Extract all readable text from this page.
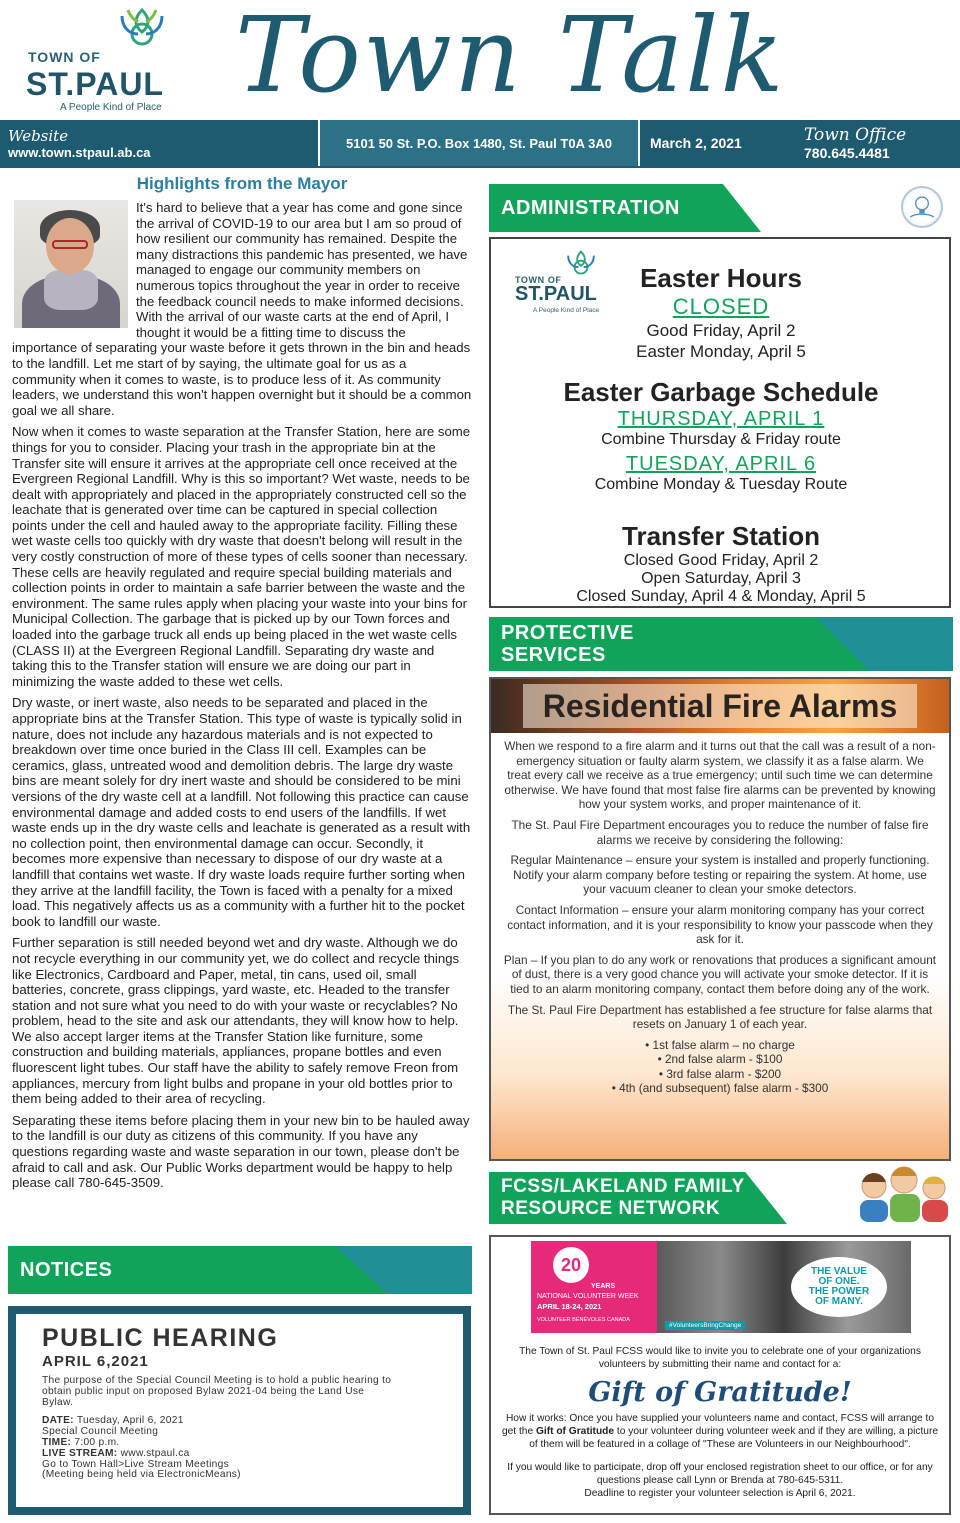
TOWN OF
ST.PAUL
A People Kind of Place Town Talk
Website
www.town.stpaul.ab.ca
5101 50 St. P.O. Box 1480, St. Paul T0A 3A0	March 2, 2021	Town Office
780.645.4481
Highlights from the Mayor

It's hard to believe that a year has come and gone since the arrival of COVID-19 to our area but I am so proud of how resilient our community has remained. Despite the many distractions this pandemic has presented, we have managed to engage our community members on numerous topics throughout the year in order to receive the feedback council needs to make informed decisions. With the arrival of our waste carts at the end of April, I thought it would be a fitting time to discuss the importance of separating your waste before it gets thrown in the bin and heads to the landfill. Let me start of by saying, the ultimate goal for us as a community when it comes to waste, is to produce less of it. As community leaders, we understand this won't happen overnight but it should be a common goal we all share.

Now when it comes to waste separation at the Transfer Station, here are some things for you to consider. Placing your trash in the appropriate bin at the Transfer site will ensure it arrives at the appropriate cell once received at the Evergreen Regional Landfill. Why is this so important? Wet waste, needs to be dealt with appropriately and placed in the appropriately constructed cell so the leachate that is generated over time can be captured in special collection points under the cell and hauled away to the appropriate facility. Filling these wet waste cells too quickly with dry waste that doesn't belong will result in the very costly construction of more of these types of cells sooner than necessary. These cells are heavily regulated and require special building materials and collection points in order to maintain a safe barrier between the waste and the environment. The same rules apply when placing your waste into your bins for Municipal Collection. The garbage that is picked up by our Town forces and loaded into the garbage truck all ends up being placed in the wet waste cells (CLASS II) at the Evergreen Regional Landfill. Separating dry waste and taking this to the Transfer station will ensure we are doing our part in minimizing the waste added to these wet cells.

Dry waste, or inert waste, also needs to be separated and placed in the appropriate bins at the Transfer Station. This type of waste is typically solid in nature, does not include any hazardous materials and is not expected to breakdown over time once buried in the Class III cell. Examples can be ceramics, glass, untreated wood and demolition debris. The large dry waste bins are meant solely for dry inert waste and should be considered to be mini versions of the dry waste cell at a landfill. Not following this practice can cause environmental damage and added costs to end users of the landfills. If wet waste ends up in the dry waste cells and leachate is generated as a result with no collection point, then environmental damage can occur. Secondly, it becomes more expensive than necessary to dispose of our dry waste at a landfill that contains wet waste. If dry waste loads require further sorting when they arrive at the landfill facility, the Town is faced with a penalty for a mixed load. This negatively affects us as a community with a further hit to the pocket book to landfill our waste.

Further separation is still needed beyond wet and dry waste. Although we do not recycle everything in our community yet, we do collect and recycle things like Electronics, Cardboard and Paper, metal, tin cans, used oil, small batteries, concrete, grass clippings, yard waste, etc. Headed to the transfer station and not sure what you need to do with your waste or recyclables? No problem, head to the site and ask our attendants, they will know how to help. We also accept larger items at the Transfer Station like furniture, some construction and building materials, appliances, propane bottles and even fluorescent light tubes. Our staff have the ability to safely remove Freon from appliances, mercury from light bulbs and propane in your old bottles prior to them being added to their area of recycling.

Separating these items before placing them in your new bin to be hauled away to the landfill is our duty as citizens of this community. If you have any questions regarding waste and waste separation in our town, please don't be afraid to call and ask. Our Public Works department would be happy to help please call 780-645-3509.

NOTICES
PUBLIC HEARING
APRIL 6,2021
The purpose of the Special Council Meeting is to hold a public hearing to
obtain public input on proposed Bylaw 2021-04 being the Land Use
Bylaw.
DATE: Tuesday, April 6, 2021
Special Council Meeting
TIME: 7:00 p.m.
LIVE STREAM: www.stpaul.ca
Go to Town Hall>Live Stream Meetings
(Meeting being held via ElectronicMeans)
ADMINISTRATION
TOWN OF
ST.PAUL
A People Kind of Place
Easter Hours
CLOSED
Good Friday, April 2
Easter Monday, April 5
Easter Garbage Schedule
THURSDAY, APRIL 1
Combine Thursday & Friday route
TUESDAY, APRIL 6
Combine Monday & Tuesday Route
Transfer Station
Closed Good Friday, April 2
Open Saturday, April 3
Closed Sunday, April 4 & Monday, April 5
PROTECTIVE
SERVICES
Residential Fire Alarms

When we respond to a fire alarm and it turns out that the call was a result of a non-emergency situation or faulty alarm system, we classify it as a false alarm. We treat every call we receive as a true emergency; until such time we can determine otherwise. We have found that most false fire alarms can be prevented by knowing how your system works, and proper maintenance of it.

The St. Paul Fire Department encourages you to reduce the number of false fire alarms we receive by considering the following:

Regular Maintenance – ensure your system is installed and properly functioning. Notify your alarm company before testing or repairing the system. At home, use your vacuum cleaner to clean your smoke detectors.

Contact Information – ensure your alarm monitoring company has your correct contact information, and it is your responsibility to know your passcode when they ask for it.

Plan – If you plan to do any work or renovations that produces a significant amount of dust, there is a very good chance you will activate your smoke detector. If it is tied to an alarm monitoring company, contact them before doing any of the work.

The St. Paul Fire Department has established a fee structure for false alarms that resets on January 1 of each year.

• 1st false alarm – no charge
• 2nd false alarm - $100
• 3rd false alarm - $200
• 4th (and subsequent) false alarm - $300
FCSS/LAKELAND FAMILY
RESOURCE NETWORK
20
YEARS
NATIONAL VOLUNTEER WEEK
APRIL 18-24, 2021
VOLUNTEER BÉNÉVOLES CANADA
#VolunteersBringChange
THE VALUE
OF ONE.
THE POWER
OF MANY.

The Town of St. Paul FCSS would like to invite you to celebrate one of your organizations volunteers by submitting their name and contact for a:

Gift of Gratitude!

How it works: Once you have supplied your volunteers name and contact, FCSS will arrange to get the Gift of Gratitude to your volunteer during volunteer week and if they are willing, a picture of them will be featured in a collage of "These are Volunteers in our Neighbourhood".

If you would like to participate, drop off your enclosed registration sheet to our office, or for any questions please call Lynn or Brenda at 780-645-5311.

Deadline to register your volunteer selection is April 6, 2021.
